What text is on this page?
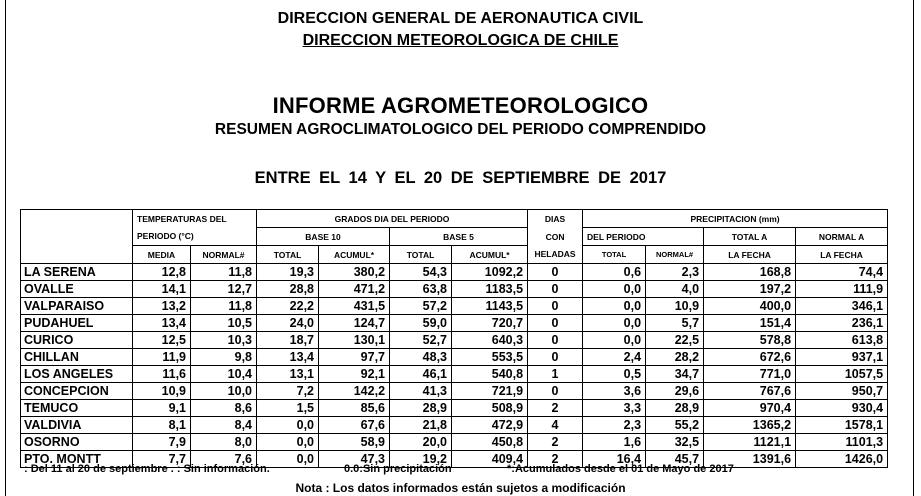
DIRECCION GENERAL DE AERONAUTICA CIVIL
DIRECCION METEOROLOGICA DE CHILE
INFORME AGROMETEOROLOGICO
RESUMEN AGROCLIMATOLOGICO DEL PERIODO COMPRENDIDO
ENTRE EL 14 Y EL 20 DE SEPTIEMBRE DE 2017
	TEMPERATURAS DEL		GRADOS DIA DEL PERIODO				DIAS	PRECIPITACION (mm)			
	PERIODO (°C)		BASE 10		BASE 5		CON	DEL PERIODO		TOTAL A	NORMAL A
	MEDIA	NORMAL#	TOTAL	ACUMUL*	TOTAL	ACUMUL*	HELADAS	TOTAL	NORMAL#	LA FECHA	LA FECHA
LA SERENA	12,8	11,8	19,3	380,2	54,3	1092,2	0	0,6	2,3	168,8	74,4
OVALLE	14,1	12,7	28,8	471,2	63,8	1183,5	0	0,0	4,0	197,2	111,9
VALPARAISO	13,2	11,8	22,2	431,5	57,2	1143,5	0	0,0	10,9	400,0	346,1
PUDAHUEL	13,4	10,5	24,0	124,7	59,0	720,7	0	0,0	5,7	151,4	236,1
CURICO	12,5	10,3	18,7	130,1	52,7	640,3	0	0,0	22,5	578,8	613,8
CHILLAN	11,9	9,8	13,4	97,7	48,3	553,5	0	2,4	28,2	672,6	937,1
LOS ANGELES	11,6	10,4	13,1	92,1	46,1	540,8	1	0,5	34,7	771,0	1057,5
CONCEPCION	10,9	10,0	7,2	142,2	41,3	721,9	0	3,6	29,6	767,6	950,7
TEMUCO	9,1	8,6	1,5	85,6	28,9	508,9	2	3,3	28,9	970,4	930,4
VALDIVIA	8,1	8,4	0,0	67,6	21,8	472,9	4	2,3	55,2	1365,2	1578,1
OSORNO	7,9	8,0	0,0	58,9	20,0	450,8	2	1,6	32,5	1121,1	1101,3
PTO. MONTT	7,7	7,6	0,0	47,3	19,2	409,4	2	16,4	45,7	1391,6	1426,0
: Del 11 al 20 de septiembre . : Sin información.	0.0:Sin precipitación	*:Acumulados desde el 01 de Mayo de 2017
Nota : Los datos informados están sujetos a modificación
